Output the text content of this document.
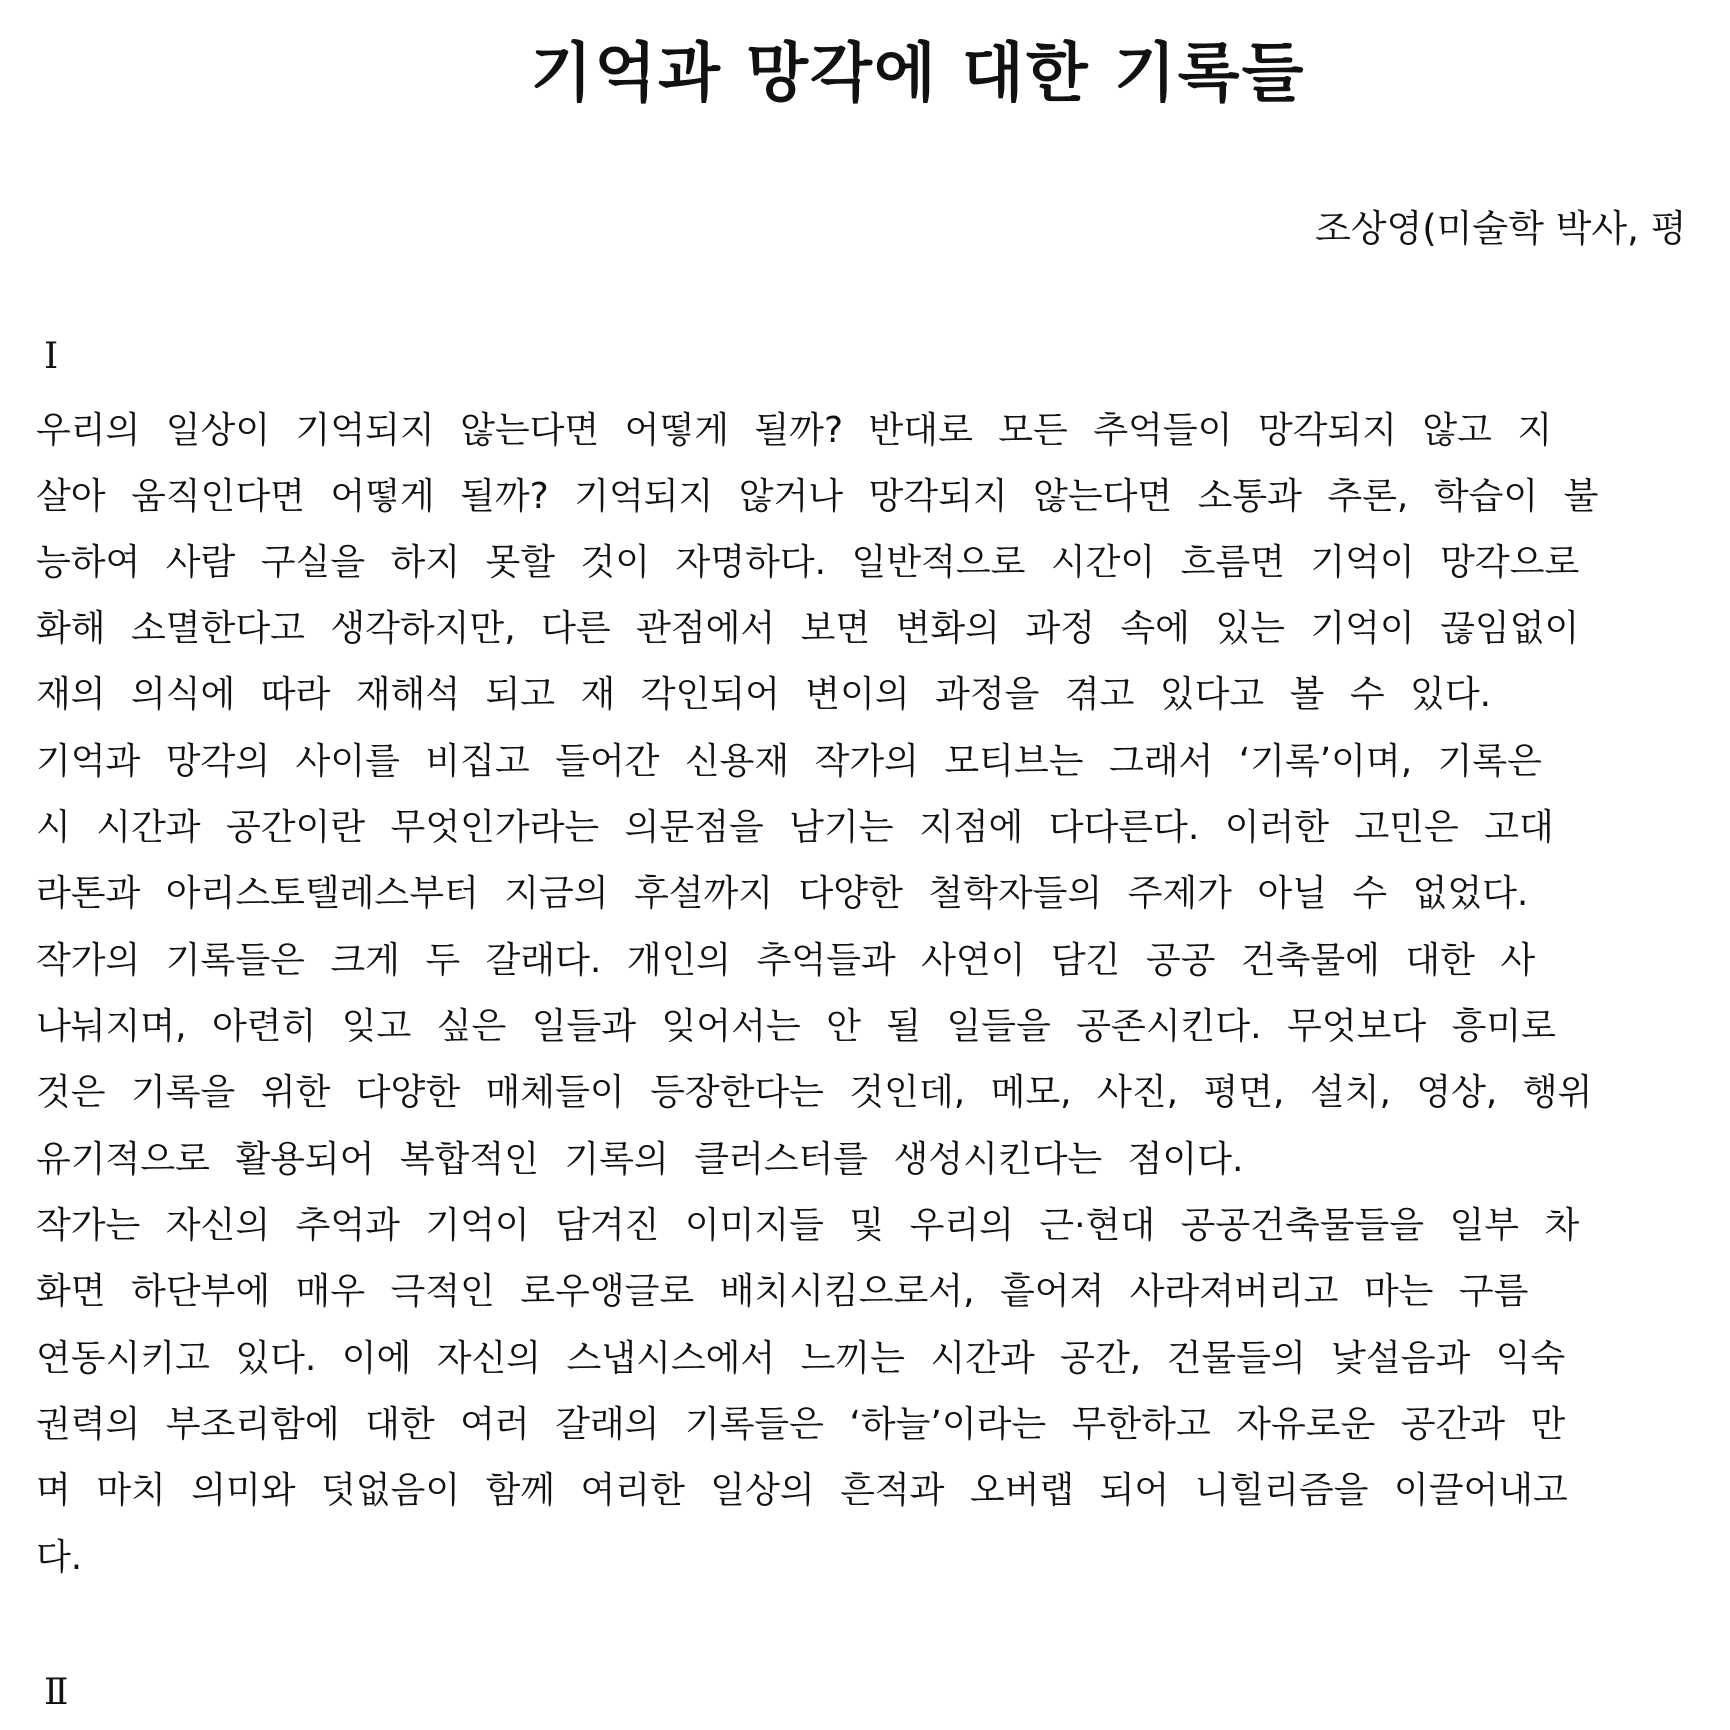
기억과 망각에 대한 기록들
조상영(미술학 박사, 평
Ⅰ
우리의 일상이 기억되지 않는다면 어떻게 될까? 반대로 모든 추억들이 망각되지 않고 지
살아 움직인다면 어떻게 될까? 기억되지 않거나 망각되지 않는다면 소통과 추론, 학습이 불
능하여 사람 구실을 하지 못할 것이 자명하다. 일반적으로 시간이 흐름면 기억이 망각으로
화해 소멸한다고 생각하지만, 다른 관점에서 보면 변화의 과정 속에 있는 기억이 끊임없이
재의 의식에 따라 재해석 되고 재 각인되어 변이의 과정을 겪고 있다고 볼 수 있다.
기억과 망각의 사이를 비집고 들어간 신용재 작가의 모티브는 그래서 ‘기록’이며, 기록은
시 시간과 공간이란 무엇인가라는 의문점을 남기는 지점에 다다른다. 이러한 고민은 고대
라톤과 아리스토텔레스부터 지금의 후설까지 다양한 철학자들의 주제가 아닐 수 없었다.
작가의 기록들은 크게 두 갈래다. 개인의 추억들과 사연이 담긴 공공 건축물에 대한 사
나눠지며, 아련히 잊고 싶은 일들과 잊어서는 안 될 일들을 공존시킨다. 무엇보다 흥미로
것은 기록을 위한 다양한 매체들이 등장한다는 것인데, 메모, 사진, 평면, 설치, 영상, 행위
유기적으로 활용되어 복합적인 기록의 클러스터를 생성시킨다는 점이다.
작가는 자신의 추억과 기억이 담겨진 이미지들 및 우리의 근·현대 공공건축물들을 일부 차
화면 하단부에 매우 극적인 로우앵글로 배치시킴으로서, 흩어져 사라져버리고 마는 구름
연동시키고 있다. 이에 자신의 스냅시스에서 느끼는 시간과 공간, 건물들의 낯설음과 익숙
권력의 부조리함에 대한 여러 갈래의 기록들은 ‘하늘’이라는 무한하고 자유로운 공간과 만
며 마치 의미와 덧없음이 함께 여리한 일상의 흔적과 오버랩 되어 니힐리즘을 이끌어내고
다.
Ⅱ
